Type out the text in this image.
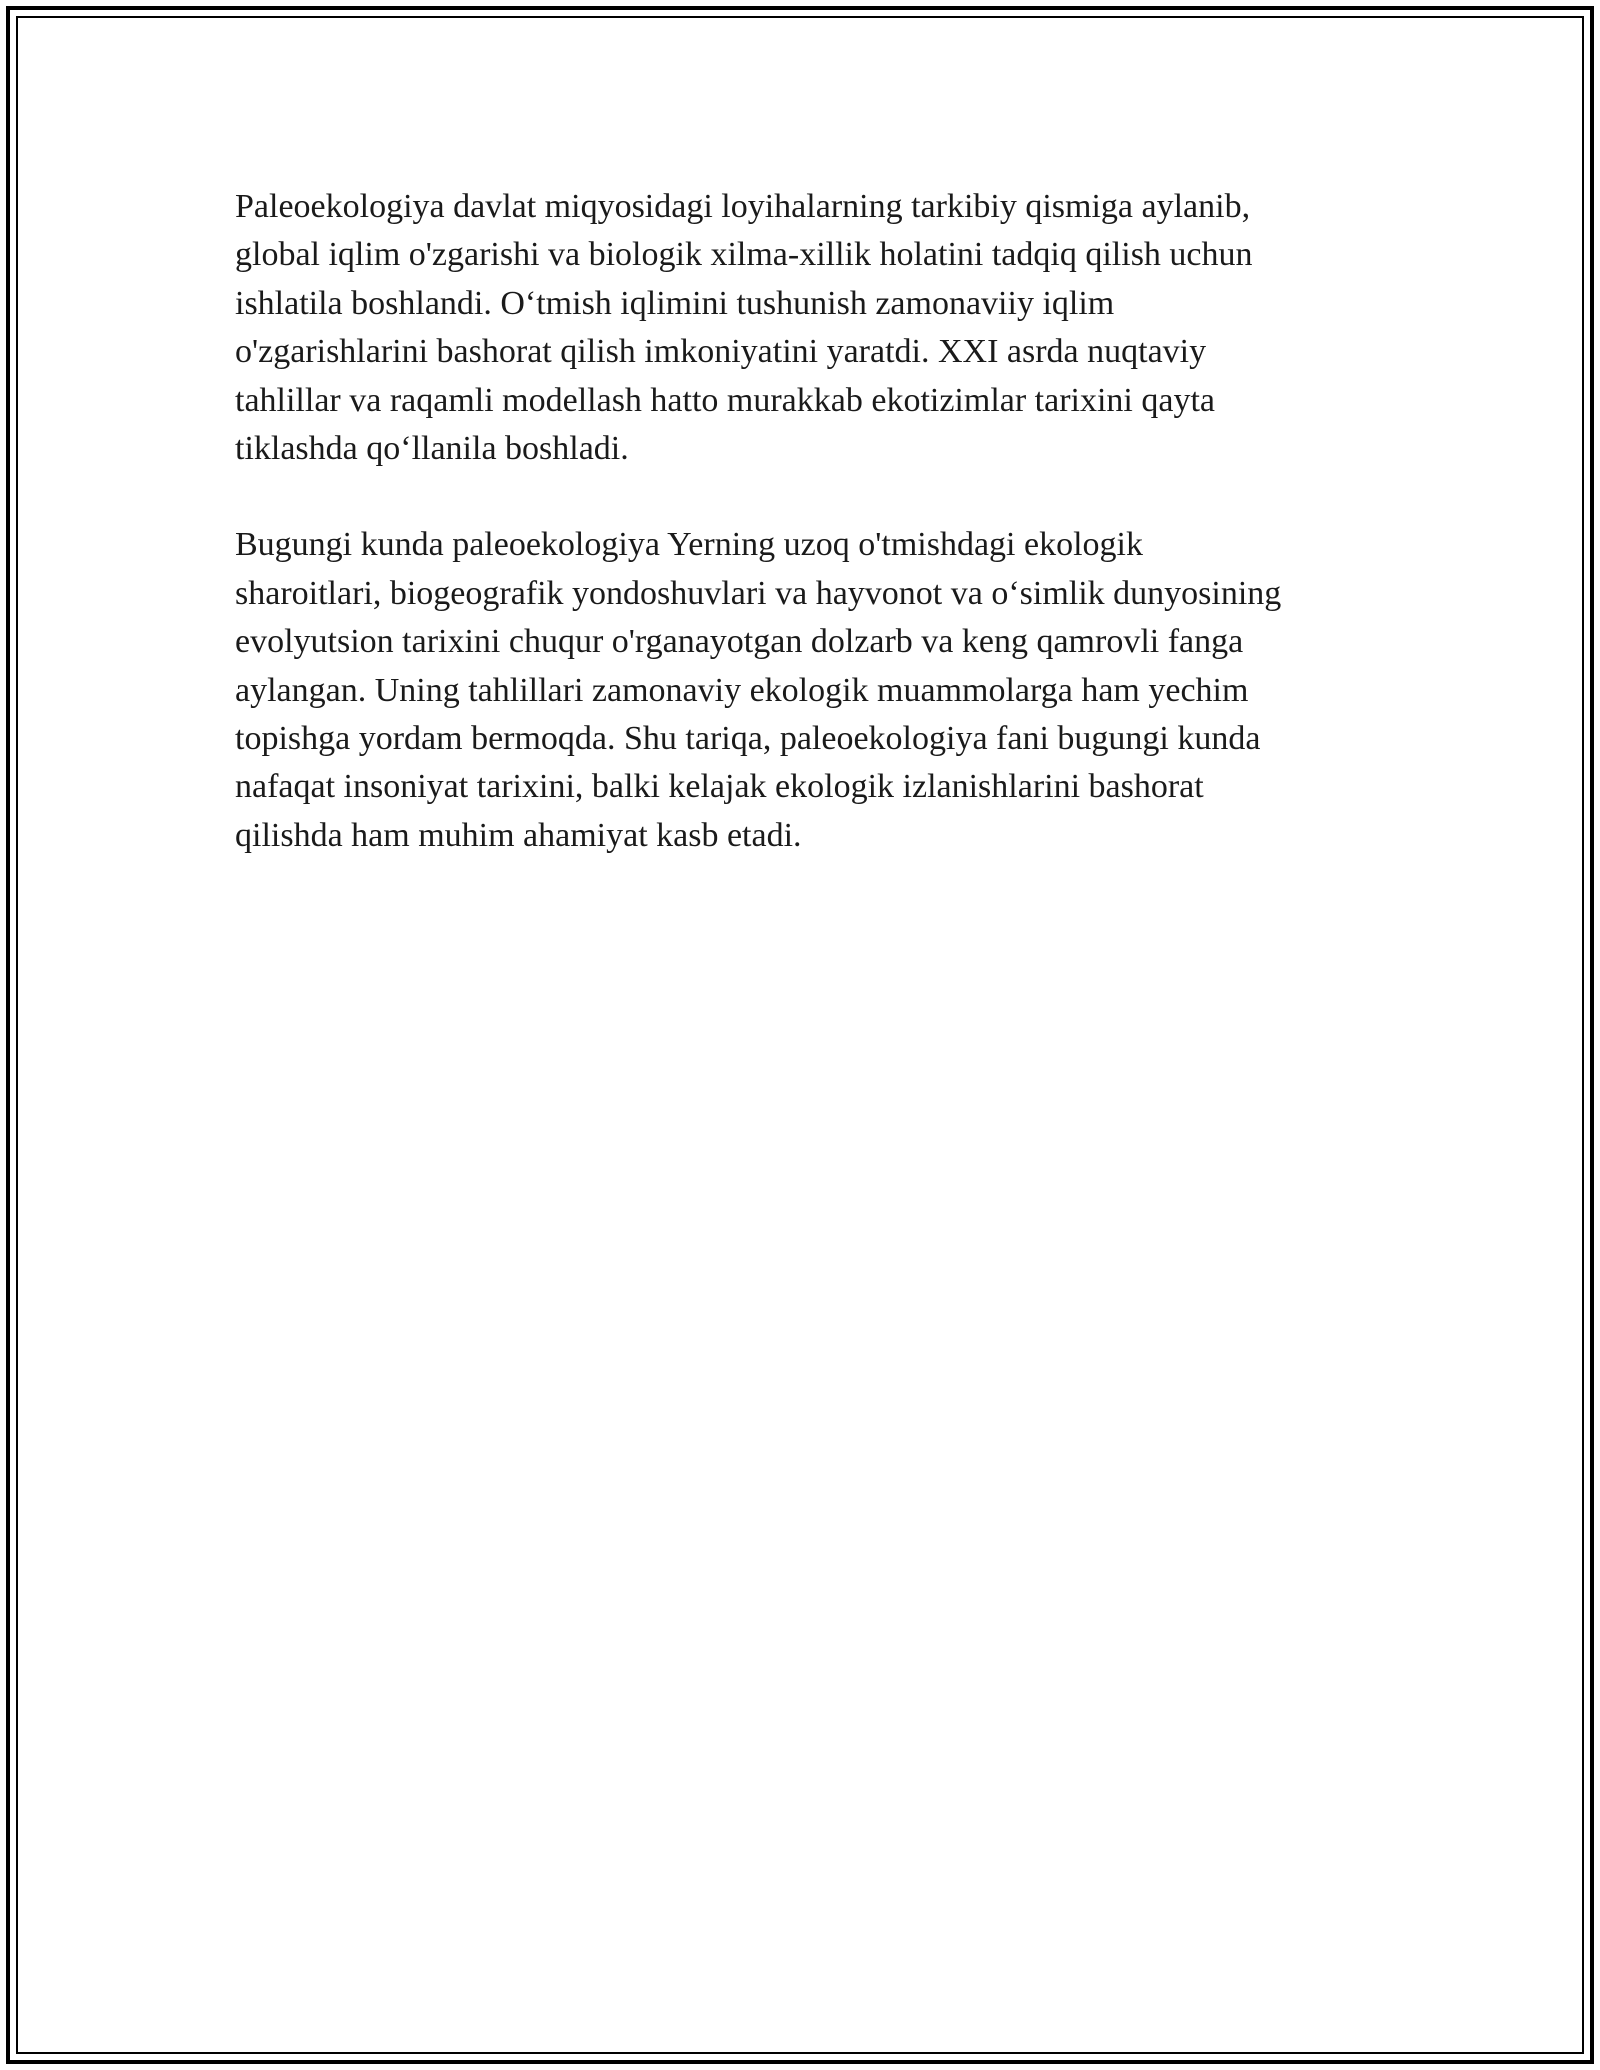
Paleoekologiya davlat miqyosidagi loyihalarning tarkibiy qismiga aylanib,
global iqlim o'zgarishi va biologik xilma-xillik holatini tadqiq qilish uchun
ishlatila boshlandi. O‘tmish iqlimini tushunish zamonaviiy iqlim
o'zgarishlarini bashorat qilish imkoniyatini yaratdi. XXI asrda nuqtaviy
tahlillar va raqamli modellash hatto murakkab ekotizimlar tarixini qayta
tiklashda qo‘llanila boshladi.

Bugungi kunda paleoekologiya Yerning uzoq o'tmishdagi ekologik
sharoitlari, biogeografik yondoshuvlari va hayvonot va o‘simlik dunyosining
evolyutsion tarixini chuqur o'rganayotgan dolzarb va keng qamrovli fanga
aylangan. Uning tahlillari zamonaviy ekologik muammolarga ham yechim
topishga yordam bermoqda. Shu tariqa, paleoekologiya fani bugungi kunda
nafaqat insoniyat tarixini, balki kelajak ekologik izlanishlarini bashorat
qilishda ham muhim ahamiyat kasb etadi.
